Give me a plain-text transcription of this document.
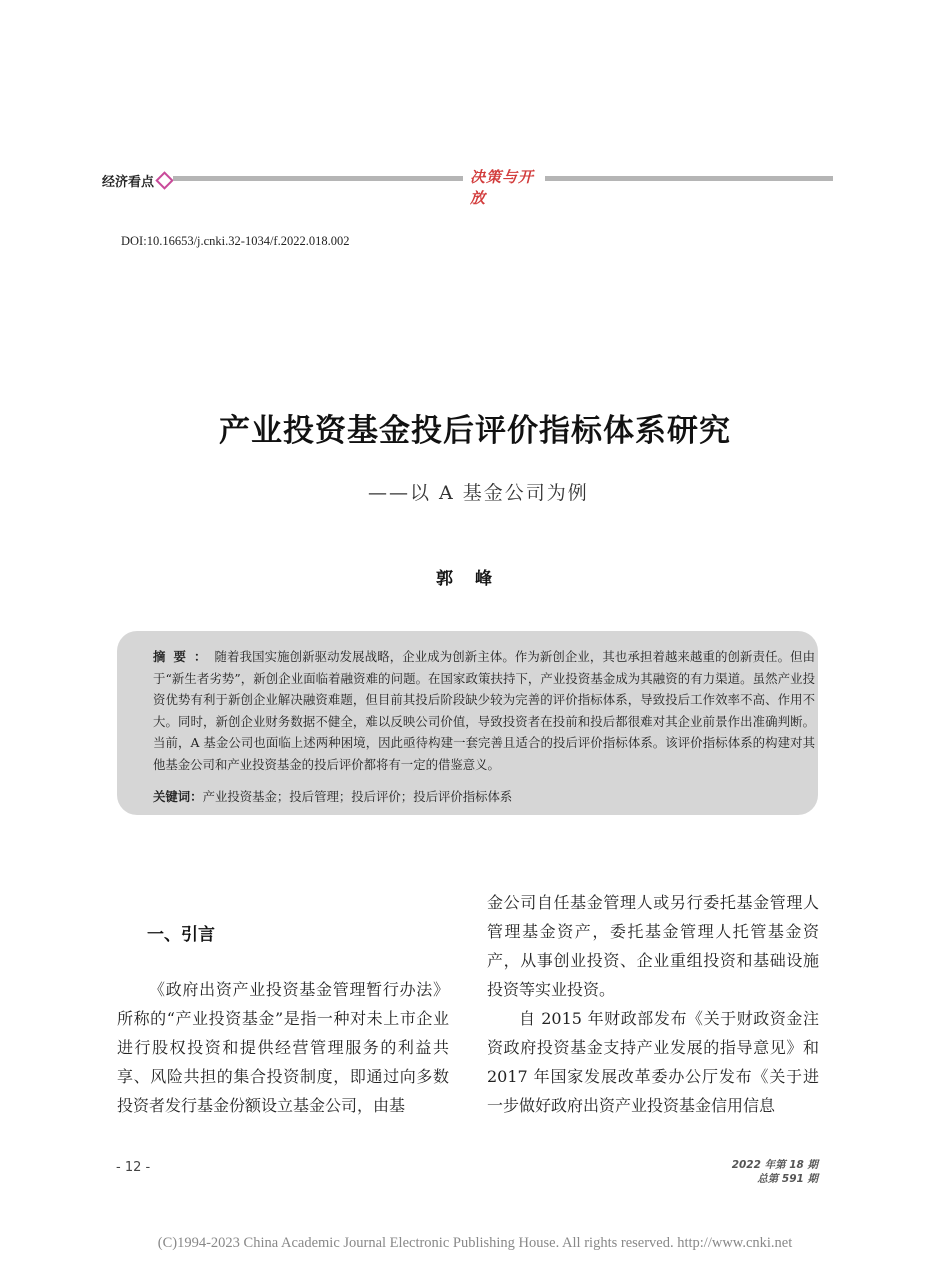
经济看点	决策与开放
DOI:10.16653/j.cnki.32-1034/f.2022.018.002
产业投资基金投后评价指标体系研究
——以 A 基金公司为例
郭峰
摘要：随着我国实施创新驱动发展战略，企业成为创新主体。作为新创企业，其也承担着越来越重的创新责任。但由于“新生者劣势”，新创企业面临着融资难的问题。在国家政策扶持下，产业投资基金成为其融资的有力渠道。虽然产业投资优势有利于新创企业解决融资难题，但目前其投后阶段缺少较为完善的评价指标体系，导致投后工作效率不高、作用不大。同时，新创企业财务数据不健全，难以反映公司价值，导致投资者在投前和投后都很难对其企业前景作出准确判断。当前，A 基金公司也面临上述两种困境，因此亟待构建一套完善且适合的投后评价指标体系。该评价指标体系的构建对其他基金公司和产业投资基金的投后评价都将有一定的借鉴意义。
关键词：产业投资基金；投后管理；投后评价；投后评价指标体系
一、引言

《政府出资产业投资基金管理暂行办法》所称的“产业投资基金”是指一种对未上市企业进行股权投资和提供经营管理服务的利益共享、风险共担的集合投资制度，即通过向多数投资者发行基金份额设立基金公司，由基

金公司自任基金管理人或另行委托基金管理人管理基金资产，委托基金管理人托管基金资产，从事创业投资、企业重组投资和基础设施投资等实业投资。

自 2015 年财政部发布《关于财政资金注资政府投资基金支持产业发展的指导意见》和 2017 年国家发展改革委办公厅发布《关于进一步做好政府出资产业投资基金信用信息

- 12 -	2022 年第 18 期
总第 591 期
(C)1994-2023 China Academic Journal Electronic Publishing House. All rights reserved. http://www.cnki.net
